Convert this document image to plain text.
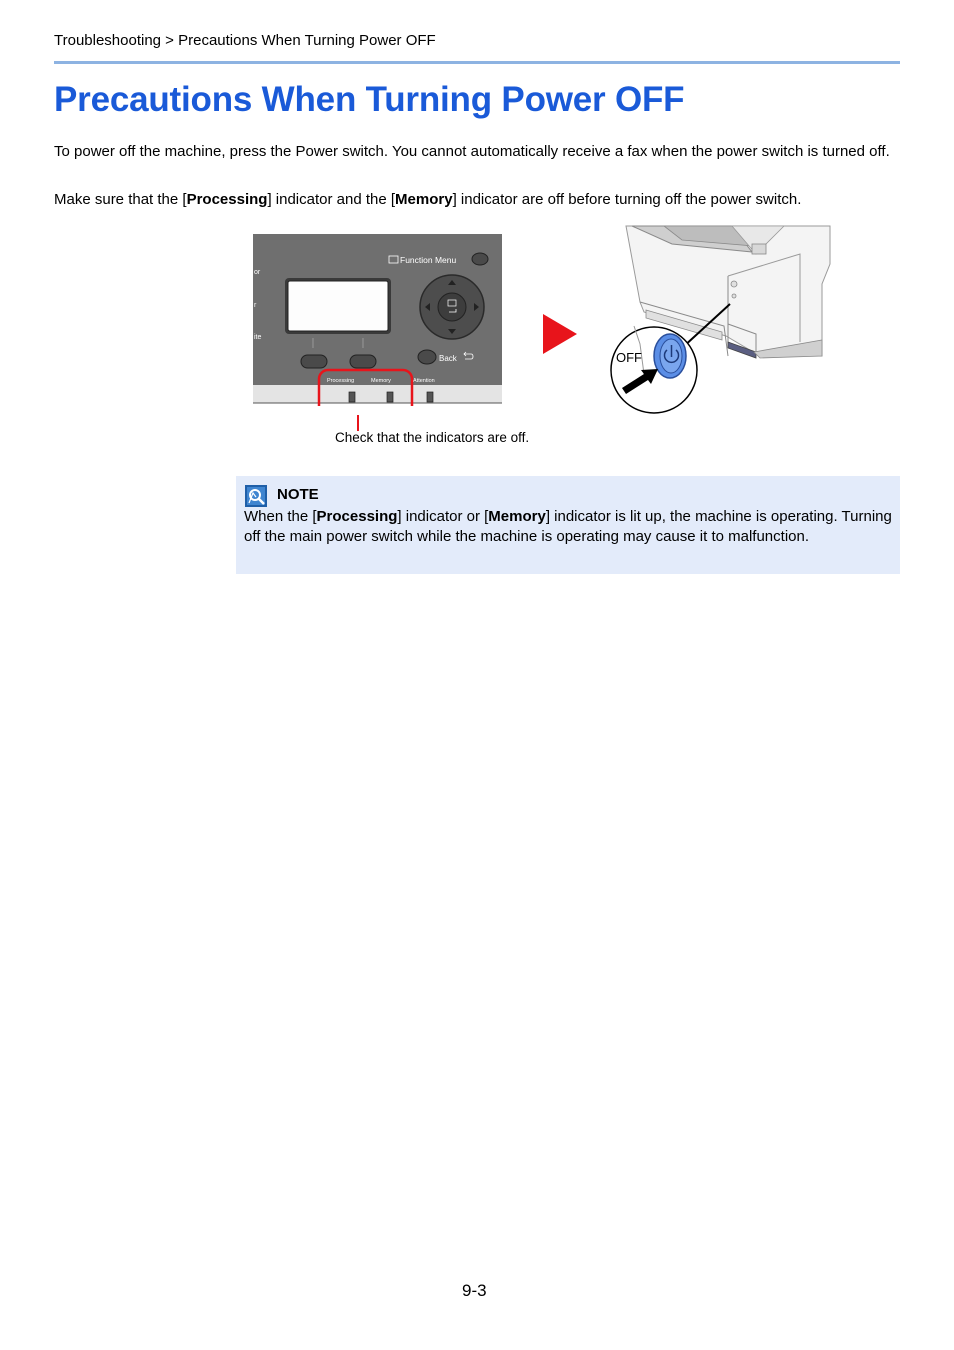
Troubleshooting > Precautions When Turning Power OFF
Precautions When Turning Power OFF

To power off the machine, press the Power switch. You cannot automatically receive a fax when the power switch is turned off.

Make sure that the [Processing] indicator and the [Memory] indicator are off before turning off the power switch.

or
r
ite
Function Menu
Back
Processing	Memory	Attention
OFF
Check that the indicators are off.
NOTE
When the [Processing] indicator or [Memory] indicator is lit up, the machine is operating. Turning off the main power switch while the machine is operating may cause it to malfunction.
9-3
